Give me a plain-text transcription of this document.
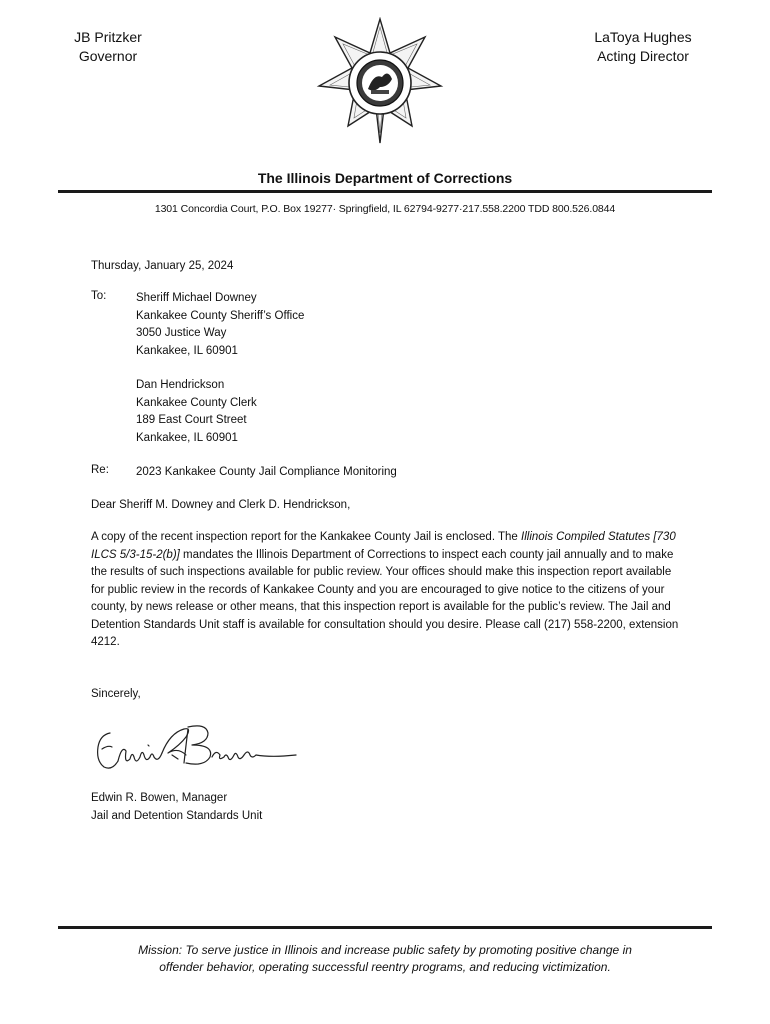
JB Pritzker
Governor
LaToya Hughes
Acting Director
The Illinois Department of Corrections
1301 Concordia Court, P.O. Box 19277· Springfield, IL 62794-9277·217.558.2200 TDD 800.526.0844
Thursday, January 25, 2024
To:	Sheriff Michael Downey
Kankakee County Sheriff’s Office
3050 Justice Way
Kankakee, IL 60901
Dan Hendrickson
Kankakee County Clerk
189 East Court Street
Kankakee, IL 60901
Re: 2023 Kankakee County Jail Compliance Monitoring
Dear Sheriff M. Downey and Clerk D. Hendrickson,
A copy of the recent inspection report for the Kankakee County Jail is enclosed. The Illinois Compiled Statutes [730 ILCS 5/3-15-2(b)] mandates the Illinois Department of Corrections to inspect each county jail annually and to make the results of such inspections available for public review. Your offices should make this inspection report available for public review in the records of Kankakee County and you are encouraged to give notice to the citizens of your county, by news release or other means, that this inspection report is available for the public’s review. The Jail and Detention Standards Unit staff is available for consultation should you desire. Please call (217) 558-2200, extension 4212.
Sincerely,
Edwin R. Bowen, Manager
Jail and Detention Standards Unit
Mission: To serve justice in Illinois and increase public safety by promoting positive change in
offender behavior, operating successful reentry programs, and reducing victimization.
